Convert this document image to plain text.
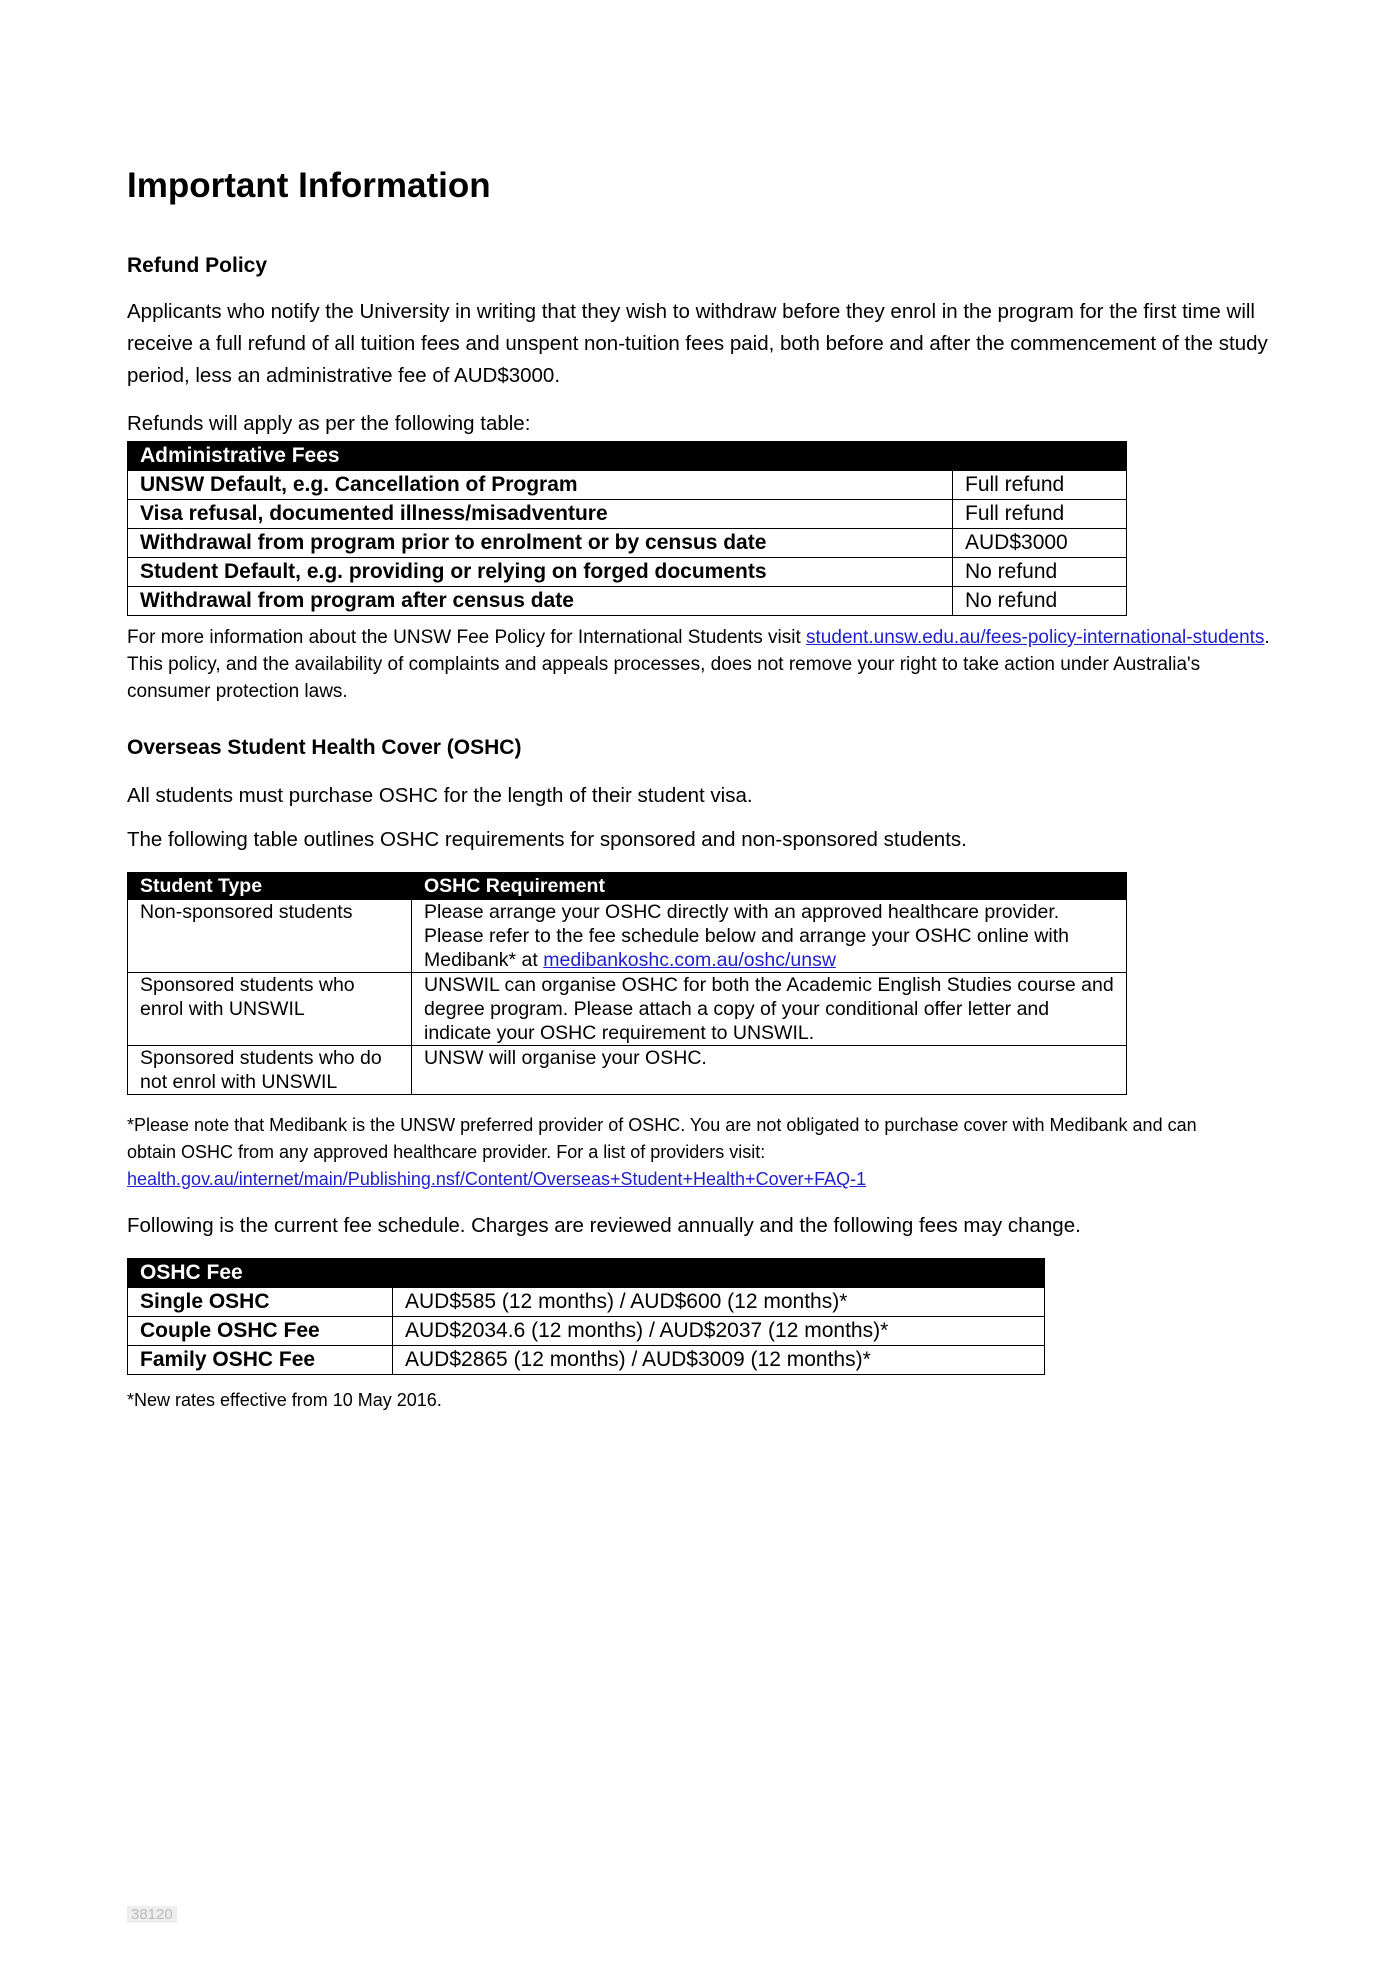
Important Information
Refund Policy

Applicants who notify the University in writing that they wish to withdraw before they enrol in the program for the first time will receive a full refund of all tuition fees and unspent non-tuition fees paid, both before and after the commencement of the study period, less an administrative fee of AUD$3000.

Refunds will apply as per the following table:

Administrative Fees	
UNSW Default, e.g. Cancellation of Program	Full refund
Visa refusal, documented illness/misadventure	Full refund
Withdrawal from program prior to enrolment or by census date	AUD$3000
Student Default, e.g. providing or relying on forged documents	No refund
Withdrawal from program after census date	No refund

For more information about the UNSW Fee Policy for International Students visit student.unsw.edu.au/fees-policy-international-students. This policy, and the availability of complaints and appeals processes, does not remove your right to take action under Australia's consumer protection laws.

Overseas Student Health Cover (OSHC)

All students must purchase OSHC for the length of their student visa.

The following table outlines OSHC requirements for sponsored and non-sponsored students.

Student Type	OSHC Requirement
Non-sponsored students	Please arrange your OSHC directly with an approved healthcare provider. Please refer to the fee schedule below and arrange your OSHC online with Medibank* at medibankoshc.com.au/oshc/unsw
Sponsored students who enrol with UNSWIL	UNSWIL can organise OSHC for both the Academic English Studies course and degree program. Please attach a copy of your conditional offer letter and indicate your OSHC requirement to UNSWIL.
Sponsored students who do not enrol with UNSWIL	UNSW will organise your OSHC.

*Please note that Medibank is the UNSW preferred provider of OSHC. You are not obligated to purchase cover with Medibank and can obtain OSHC from any approved healthcare provider. For a list of providers visit:
health.gov.au/internet/main/Publishing.nsf/Content/Overseas+Student+Health+Cover+FAQ-1

Following is the current fee schedule. Charges are reviewed annually and the following fees may change.

OSHC Fee	
Single OSHC	AUD$585 (12 months) / AUD$600 (12 months)*
Couple OSHC Fee	AUD$2034.6 (12 months) / AUD$2037 (12 months)*
Family OSHC Fee	AUD$2865 (12 months) / AUD$3009 (12 months)*

*New rates effective from 10 May 2016.

38120
